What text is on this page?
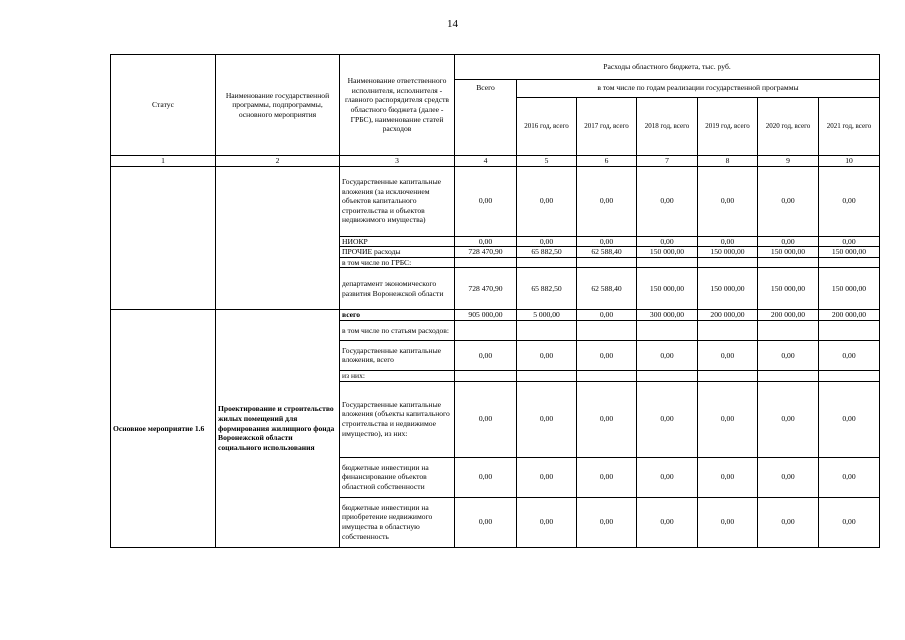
14
Статус	Наименование государственной программы, подпрограммы, основного мероприятия	Наименование ответственного исполнителя, исполнителя - главного распорядителя средств областного бюджета (далее - ГРБС), наименование статей расходов	Расходы областного бюджета, тыс. руб.						
			Всего	в том числе по годам реализации государственной программы					
				2016 год, всего	2017 год, всего	2018 год, всего	2019 год, всего	2020 год, всего	2021 год, всего
1	2	3	4	5	6	7	8	9	10
		Государственные капитальные вложения (за исключением объектов капитального строительства и объектов недвижимого имущества)	0,00	0,00	0,00	0,00	0,00	0,00	0,00
		НИОКР	0,00	0,00	0,00	0,00	0,00	0,00	0,00
		ПРОЧИЕ расходы	728 470,90	65 882,50	62 588,40	150 000,00	150 000,00	150 000,00	150 000,00
		в том числе по ГРБС:							
		департамент экономического развития Воронежской области	728 470,90	65 882,50	62 588,40	150 000,00	150 000,00	150 000,00	150 000,00
Основное мероприятие 1.6	Проектирование и строительство жилых помещений для формирования жилищного фонда Воронежской области социального использования	всего	905 000,00	5 000,00	0,00	300 000,00	200 000,00	200 000,00	200 000,00
		в том числе по статьям расходов:							
		Государственные капитальные вложения, всего	0,00	0,00	0,00	0,00	0,00	0,00	0,00
		из них:							
		Государственные капитальные вложения (объекты капитального строительства и недвижимое имущество), из них:	0,00	0,00	0,00	0,00	0,00	0,00	0,00
		бюджетные инвестиции на финансирование объектов областной собственности	0,00	0,00	0,00	0,00	0,00	0,00	0,00
		бюджетные инвестиции на приобретение недвижимого имущества в областную собственность	0,00	0,00	0,00	0,00	0,00	0,00	0,00
